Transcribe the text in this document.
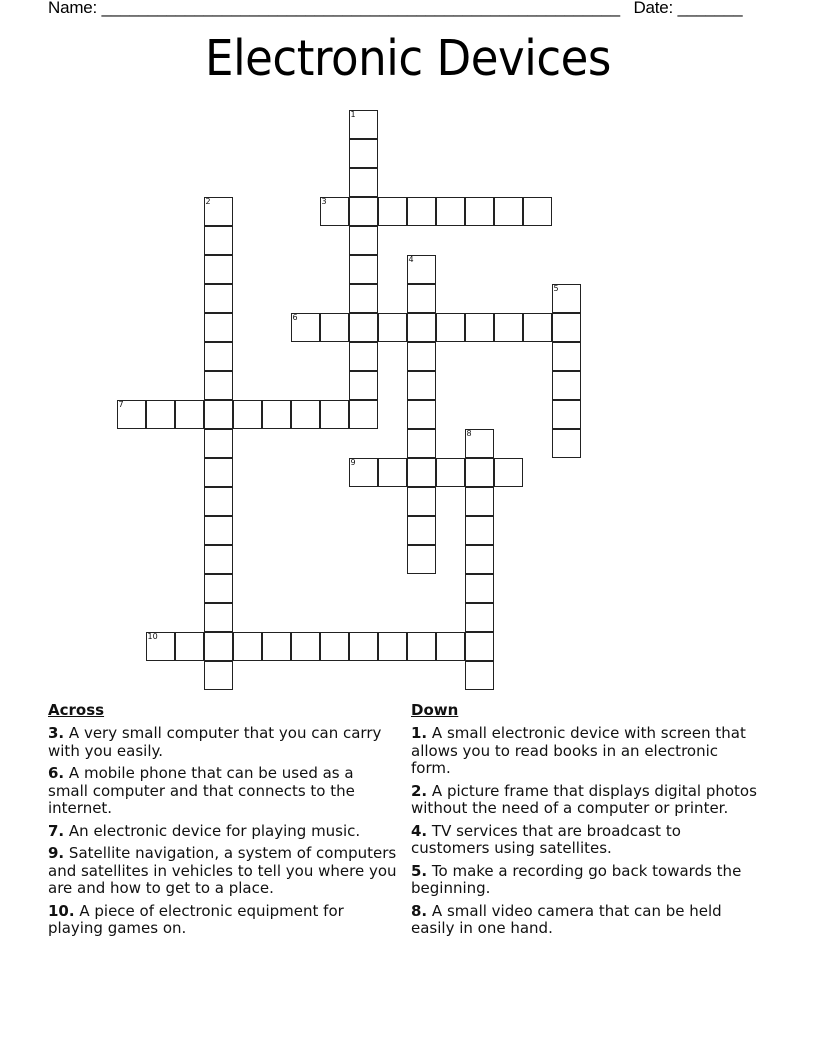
Name: ________________________________________________________ Date: _______
Electronic Devices
1
2	3
4
5
6
7
8
9
10
Across
3. A very small computer that you can carry with you easily.
6. A mobile phone that can be used as a small computer and that connects to the internet.
7. An electronic device for playing music.
9. Satellite navigation, a system of computers and satellites in vehicles to tell you where you are and how to get to a place.
10. A piece of electronic equipment for playing games on.
Down
1. A small electronic device with screen that allows you to read books in an electronic form.
2. A picture frame that displays digital photos without the need of a computer or printer.
4. TV services that are broadcast to customers using satellites.
5. To make a recording go back towards the beginning.
8. A small video camera that can be held easily in one hand.
